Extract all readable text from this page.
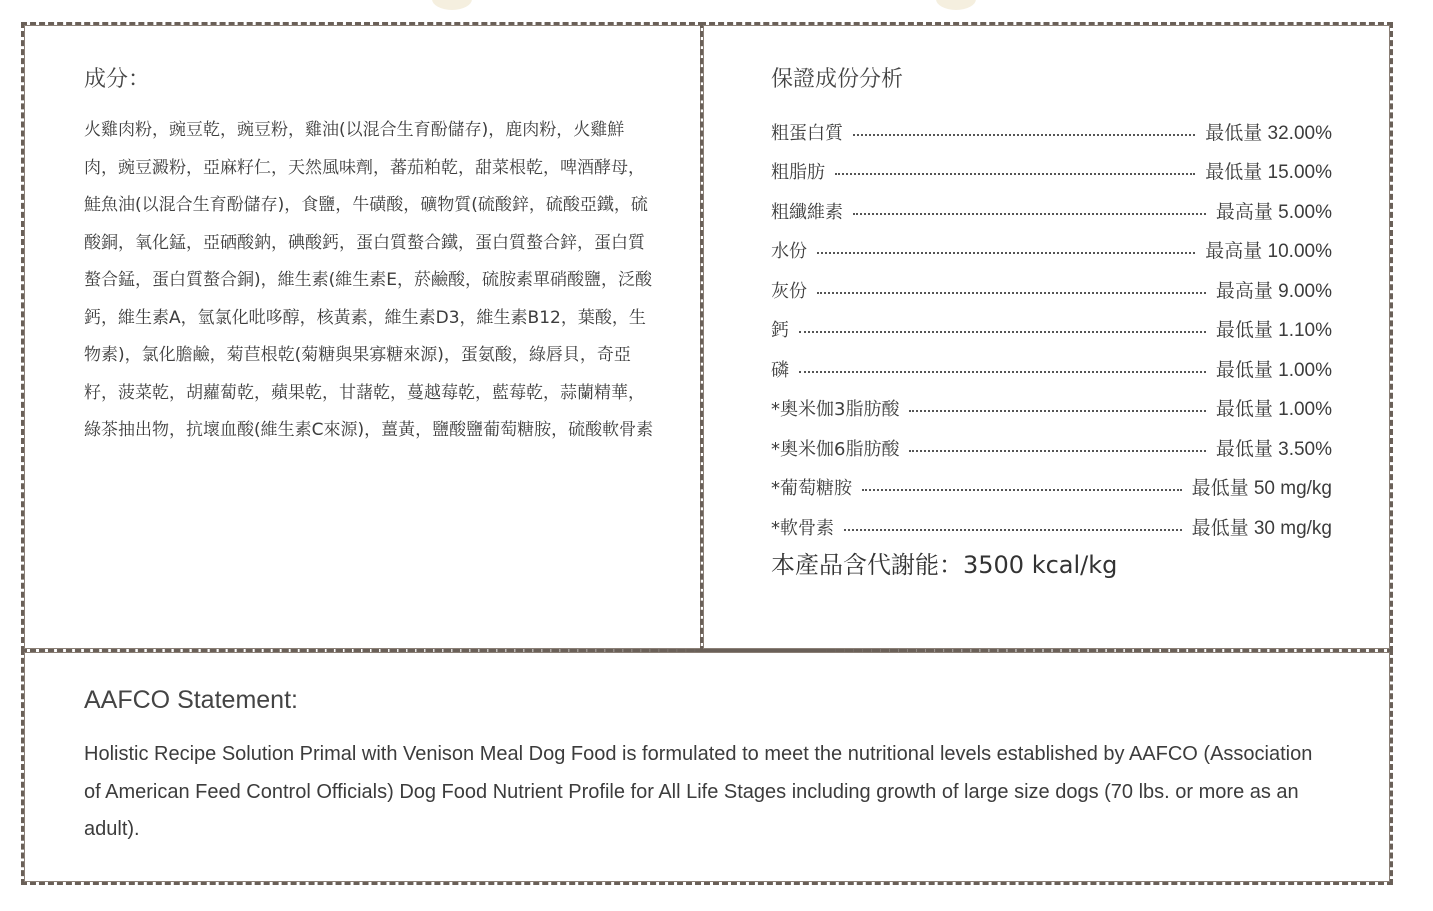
成分：

火雞肉粉，豌豆乾，豌豆粉，雞油(以混合生育酚儲存)，鹿肉粉，火雞鮮肉，豌豆澱粉，亞麻籽仁，天然風味劑，蕃茄粕乾，甜菜根乾，啤酒酵母，鮭魚油(以混合生育酚儲存)，食鹽，牛磺酸，礦物質(硫酸鋅，硫酸亞鐵，硫酸銅，氧化錳，亞硒酸鈉，碘酸鈣，蛋白質螯合鐵，蛋白質螯合鋅，蛋白質螯合錳，蛋白質螯合銅)，維生素(維生素E，菸鹼酸，硫胺素單硝酸鹽，泛酸鈣，維生素A，氫氯化吡哆醇，核黃素，維生素D3，維生素B12，葉酸，生物素)，氯化膽鹼，菊苣根乾(菊糖與果寡糖來源)，蛋氨酸，綠唇貝，奇亞籽，菠菜乾，胡蘿蔔乾，蘋果乾，甘藷乾，蔓越莓乾，藍莓乾，蒜蘭精華，綠茶抽出物，抗壞血酸(維生素C來源)，薑黃，鹽酸鹽葡萄糖胺，硫酸軟骨素

保證成份分析
粗蛋白質	最低量 32.00%
粗脂肪	最低量 15.00%
粗纖維素	最高量 5.00%
水份	最高量 10.00%
灰份	最高量 9.00%
鈣	最低量 1.10%
磷	最低量 1.00%
*奧米伽3脂肪酸	最低量 1.00%
*奧米伽6脂肪酸	最低量 3.50%
*葡萄糖胺	最低量 50 mg/kg
*軟骨素	最低量 30 mg/kg

本產品含代謝能：3500 kcal/kg

AAFCO Statement:

Holistic Recipe Solution Primal with Venison Meal Dog Food is formulated to meet the nutritional levels established by AAFCO (Association of American Feed Control Officials) Dog Food Nutrient Profile for All Life Stages including growth of large size dogs (70 lbs. or more as an adult).
